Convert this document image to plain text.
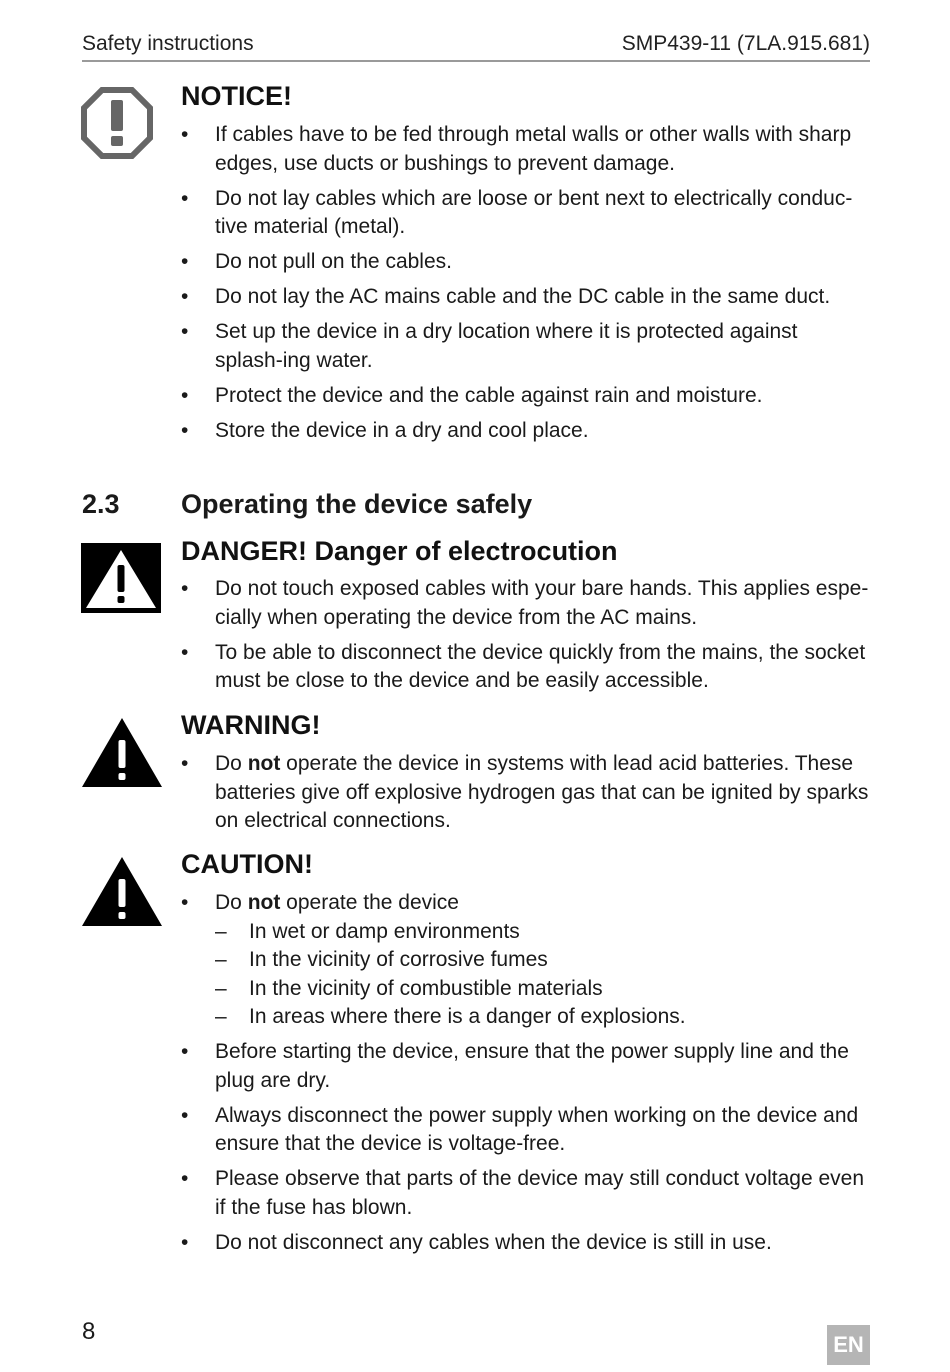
Safety instructions	SMP439-11 (7LA.915.681)
NOTICE!
• If cables have to be fed through metal walls or other walls with sharp edges, use ducts or bushings to prevent damage.
• Do not lay cables which are loose or bent next to electrically conduc-tive material (metal).
• Do not pull on the cables.
• Do not lay the AC mains cable and the DC cable in the same duct.
• Set up the device in a dry location where it is protected against splash-ing water.
• Protect the device and the cable against rain and moisture.
• Store the device in a dry and cool place.
2.3 Operating the device safely
DANGER! Danger of electrocution
• Do not touch exposed cables with your bare hands. This applies espe-cially when operating the device from the AC mains.
• To be able to disconnect the device quickly from the mains, the socket must be close to the device and be easily accessible.
WARNING!
• Do not operate the device in systems with lead acid batteries. These batteries give off explosive hydrogen gas that can be ignited by sparks on electrical connections.
CAUTION!
• Do not operate the device
– In wet or damp environments
– In the vicinity of corrosive fumes
– In the vicinity of combustible materials
– In areas where there is a danger of explosions.
• Before starting the device, ensure that the power supply line and the plug are dry.
• Always disconnect the power supply when working on the device and ensure that the device is voltage-free.
• Please observe that parts of the device may still conduct voltage even if the fuse has blown.
• Do not disconnect any cables when the device is still in use.
8	EN
